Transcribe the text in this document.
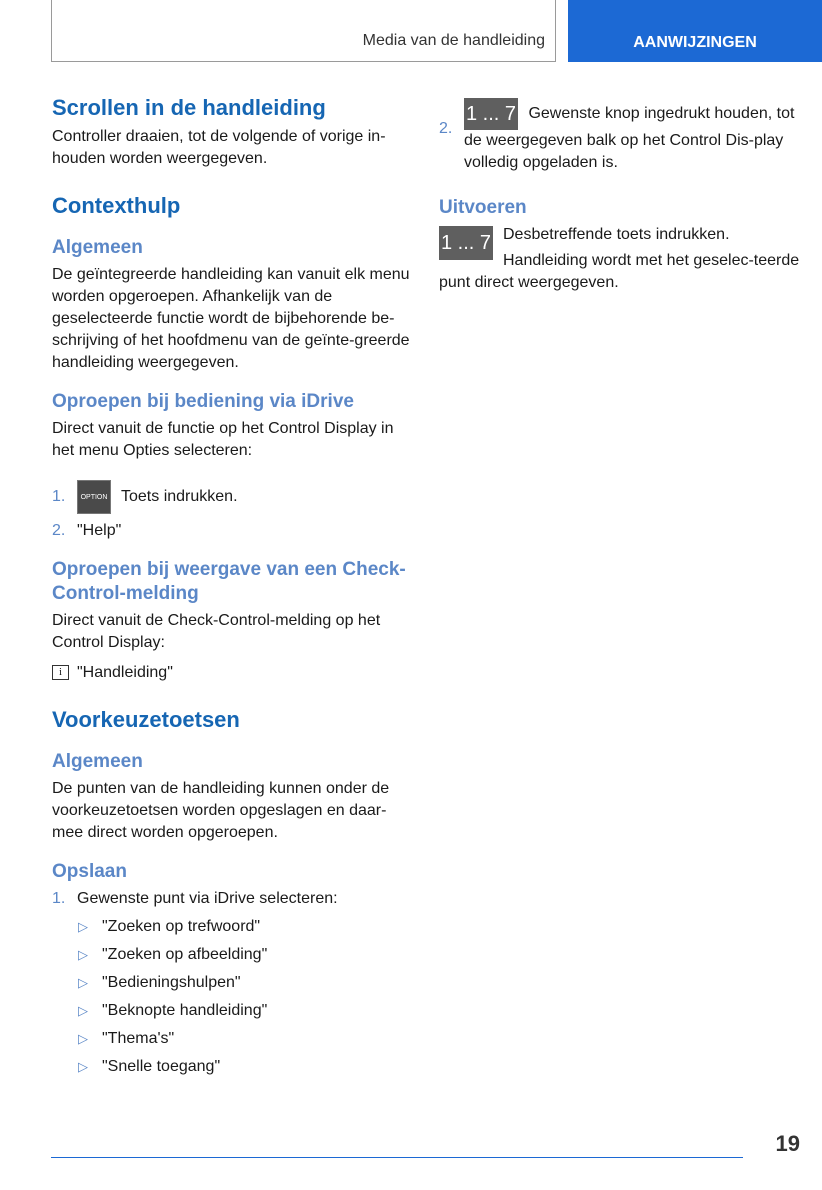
Media van de handleiding	AANWIJZINGEN
Scrollen in de handleiding

Controller draaien, tot de volgende of vorige in-houden worden weergegeven.

Contexthulp
Algemeen

De geïntegreerde handleiding kan vanuit elk menu worden opgeroepen. Afhankelijk van de geselecteerde functie wordt de bijbehorende be-schrijving of het hoofdmenu van de geïnte-greerde handleiding weergegeven.

Oproepen bij bediening via iDrive

Direct vanuit de functie op het Control Display in het menu Opties selecteren:

1.	OPTION Toets indrukken.
2. "Help"
Oproepen bij weergave van een Check-Control-melding

Direct vanuit de Check-Control-melding op het Control Display:

i "Handleiding"

Voorkeuzetoetsen
Algemeen

De punten van de handleiding kunnen onder de voorkeuzetoetsen worden opgeslagen en daar-mee direct worden opgeroepen.

Opslaan
1. Gewenste punt via iDrive selecteren:
▷ "Zoeken op trefwoord"
▷ "Zoeken op afbeelding"
▷ "Bedieningshulpen"
▷ "Beknopte handleiding"
▷ "Thema's"
▷ "Snelle toegang"
2.
1 ... 7 Gewenste knop ingedrukt houden, tot de weergegeven balk op het Control Dis-play volledig opgeladen is.
Uitvoeren
1 ... 7 Desbetreffende toets indrukken.

Handleiding wordt met het geselec-teerde punt direct weergegeven.

19
